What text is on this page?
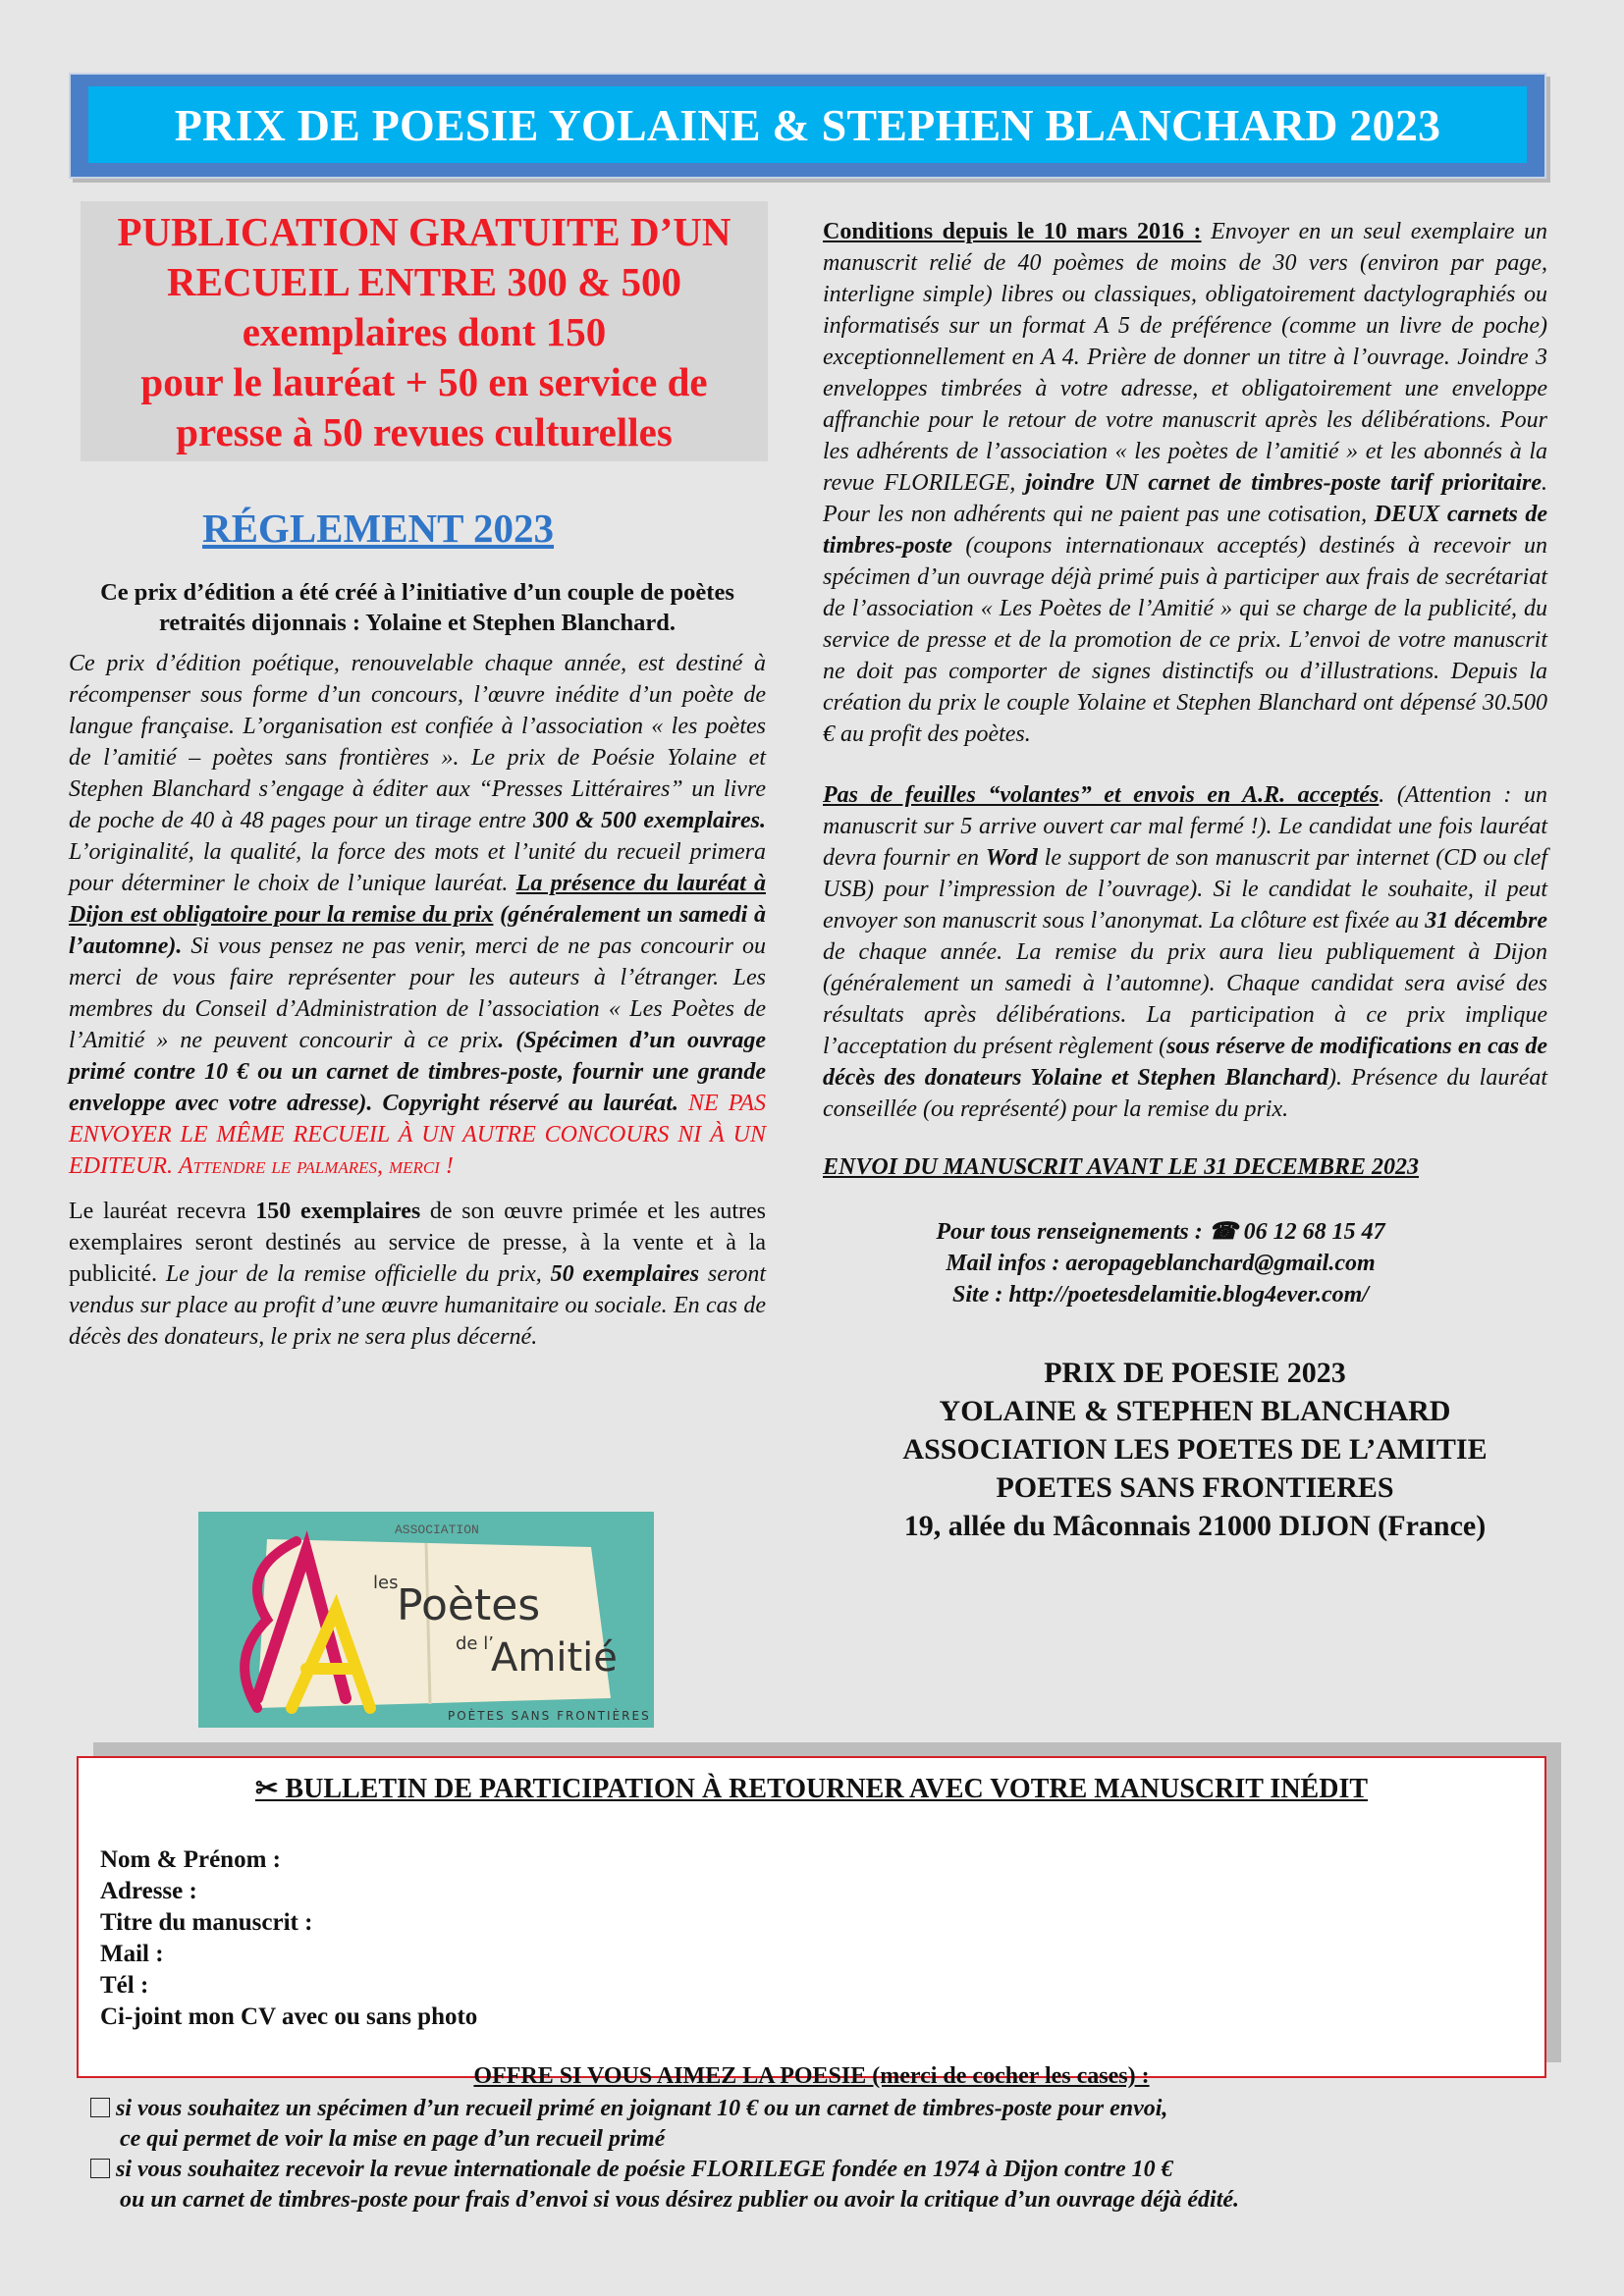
PRIX DE POESIE YOLAINE & STEPHEN BLANCHARD 2023
PUBLICATION GRATUITE D’UN
RECUEIL ENTRE 300 & 500
exemplaires dont 150
pour le lauréat + 50 en service de
presse à 50 revues culturelles
RÉGLEMENT 2023
Ce prix d’édition a été créé à l’initiative d’un couple de poètes retraités dijonnais : Yolaine et Stephen Blanchard.

Ce prix d’édition poétique, renouvelable chaque année, est destiné à récompenser sous forme d’un concours, l’œuvre inédite d’un poète de langue française. L’organisation est confiée à l’association « les poètes de l’amitié – poètes sans frontières ». Le prix de Poésie Yolaine et Stephen Blanchard s’engage à éditer aux “Presses Littéraires” un livre de poche de 40 à 48 pages pour un tirage entre 300 & 500 exemplaires. L’originalité, la qualité, la force des mots et l’unité du recueil primera pour déterminer le choix de l’unique lauréat. La présence du lauréat à Dijon est obligatoire pour la remise du prix (généralement un samedi à l’automne). Si vous pensez ne pas venir, merci de ne pas concourir ou merci de vous faire représenter pour les auteurs à l’étranger. Les membres du Conseil d’Administration de l’association « Les Poètes de l’Amitié » ne peuvent concourir à ce prix. (Spécimen d’un ouvrage primé contre 10 € ou un carnet de timbres-poste, fournir une grande enveloppe avec votre adresse). Copyright réservé au lauréat. NE PAS ENVOYER LE MÊME RECUEIL À UN AUTRE CONCOURS NI À UN EDITEUR. Attendre le palmares, merci !

Le lauréat recevra 150 exemplaires de son œuvre primée et les autres exemplaires seront destinés au service de presse, à la vente et à la publicité. Le jour de la remise officielle du prix, 50 exemplaires seront vendus sur place au profit d’une œuvre humanitaire ou sociale. En cas de décès des donateurs, le prix ne sera plus décerné.

ASSOCIATION
les
Poètes
de l’
Amitié
POÈTES SANS FRONTIÈRES

Conditions depuis le 10 mars 2016 : Envoyer en un seul exemplaire un manuscrit relié de 40 poèmes de moins de 30 vers (environ par page, interligne simple) libres ou classiques, obligatoirement dactylographiés ou informatisés sur un format A 5 de préférence (comme un livre de poche) exceptionnellement en A 4. Prière de donner un titre à l’ouvrage. Joindre 3 enveloppes timbrées à votre adresse, et obligatoirement une enveloppe affranchie pour le retour de votre manuscrit après les délibérations. Pour les adhérents de l’association « les poètes de l’amitié » et les abonnés à la revue FLORILEGE, joindre UN carnet de timbres-poste tarif prioritaire. Pour les non adhérents qui ne paient pas une cotisation, DEUX carnets de timbres-poste (coupons internationaux acceptés) destinés à recevoir un spécimen d’un ouvrage déjà primé puis à participer aux frais de secrétariat de l’association « Les Poètes de l’Amitié » qui se charge de la publicité, du service de presse et de la promotion de ce prix. L’envoi de votre manuscrit ne doit pas comporter de signes distinctifs ou d’illustrations. Depuis la création du prix le couple Yolaine et Stephen Blanchard ont dépensé 30.500 € au profit des poètes.

Pas de feuilles “volantes” et envois en A.R. acceptés. (Attention : un manuscrit sur 5 arrive ouvert car mal fermé !). Le candidat une fois lauréat devra fournir en Word le support de son manuscrit par internet (CD ou clef USB) pour l’impression de l’ouvrage). Si le candidat le souhaite, il peut envoyer son manuscrit sous l’anonymat. La clôture est fixée au 31 décembre de chaque année. La remise du prix aura lieu publiquement à Dijon (généralement un samedi à l’automne). Chaque candidat sera avisé des résultats après délibérations. La participation à ce prix implique l’acceptation du présent règlement (sous réserve de modifications en cas de décès des donateurs Yolaine et Stephen Blanchard). Présence du lauréat conseillée (ou représenté) pour la remise du prix.

ENVOI DU MANUSCRIT AVANT LE 31 DECEMBRE 2023
Pour tous renseignements : ☎ 06 12 68 15 47
Mail infos : aeropageblanchard@gmail.com
Site : http://poetesdelamitie.blog4ever.com/
PRIX DE POESIE 2023
YOLAINE & STEPHEN BLANCHARD
ASSOCIATION LES POETES DE L’AMITIE
POETES SANS FRONTIERES
19, allée du Mâconnais 21000 DIJON (France)
✂ BULLETIN DE PARTICIPATION À RETOURNER AVEC VOTRE MANUSCRIT INÉDIT
Nom & Prénom :
Adresse :
Titre du manuscrit :
Mail :
Tél :
Ci-joint mon CV avec ou sans photo
OFFRE SI VOUS AIMEZ LA POESIE (merci de cocher les cases) :
si vous souhaitez un spécimen d’un recueil primé en joignant 10 € ou un carnet de timbres-poste pour envoi,
ce qui permet de voir la mise en page d’un recueil primé
si vous souhaitez recevoir la revue internationale de poésie FLORILEGE fondée en 1974 à Dijon contre 10 €
ou un carnet de timbres-poste pour frais d’envoi si vous désirez publier ou avoir la critique d’un ouvrage déjà édité.
